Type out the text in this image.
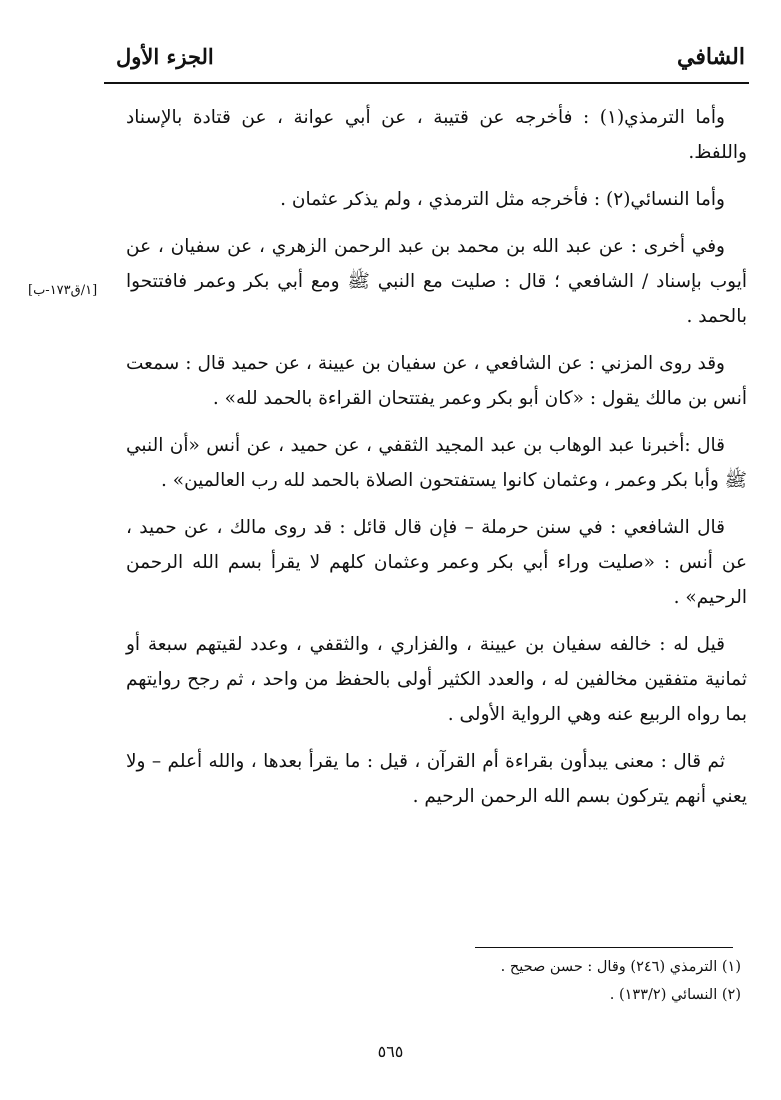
الشافي
الجزء الأول
[١/ق١٧٣-ب]

وأما الترمذي(١) : فأخرجه عن قتيبة ، عن أبي عوانة ، عن قتادة بالإسناد واللفظ.

وأما النسائي(٢) : فأخرجه مثل الترمذي ، ولم يذكر عثمان .

وفي أخرى : عن عبد الله بن محمد بن عبد الرحمن الزهري ، عن سفيان ، عن أيوب بإسناد / الشافعي ؛ قال : صليت مع النبي ﷺ ومع أبي بكر وعمر فافتتحوا بالحمد .

وقد روى المزني : عن الشافعي ، عن سفيان بن عيينة ، عن حميد قال : سمعت أنس بن مالك يقول : «كان أبو بكر وعمر يفتتحان القراءة بالحمد لله» .

قال :أخبرنا عبد الوهاب بن عبد المجيد الثقفي ، عن حميد ، عن أنس «أن النبي ﷺ وأبا بكر وعمر ، وعثمان كانوا يستفتحون الصلاة بالحمد لله رب العالمين» .

قال الشافعي : في سنن حرملة – فإن قال قائل : قد روى مالك ، عن حميد ، عن أنس : «صليت وراء أبي بكر وعمر وعثمان كلهم لا يقرأ بسم الله الرحمن الرحيم» .

قيل له : خالفه سفيان بن عيينة ، والفزاري ، والثقفي ، وعدد لقيتهم سبعة أو ثمانية متفقين مخالفين له ، والعدد الكثير أولى بالحفظ من واحد ، ثم رجح روايتهم بما رواه الربيع عنه وهي الرواية الأولى .

ثم قال : معنى يبدأون بقراءة أم القرآن ، قيل : ما يقرأ بعدها ، والله أعلم – ولا يعني أنهم يتركون بسم الله الرحمن الرحيم .

(١) الترمذي (٢٤٦) وقال : حسن صحيح .
(٢) النسائي (١٣٣/٢) .
٥٦٥
